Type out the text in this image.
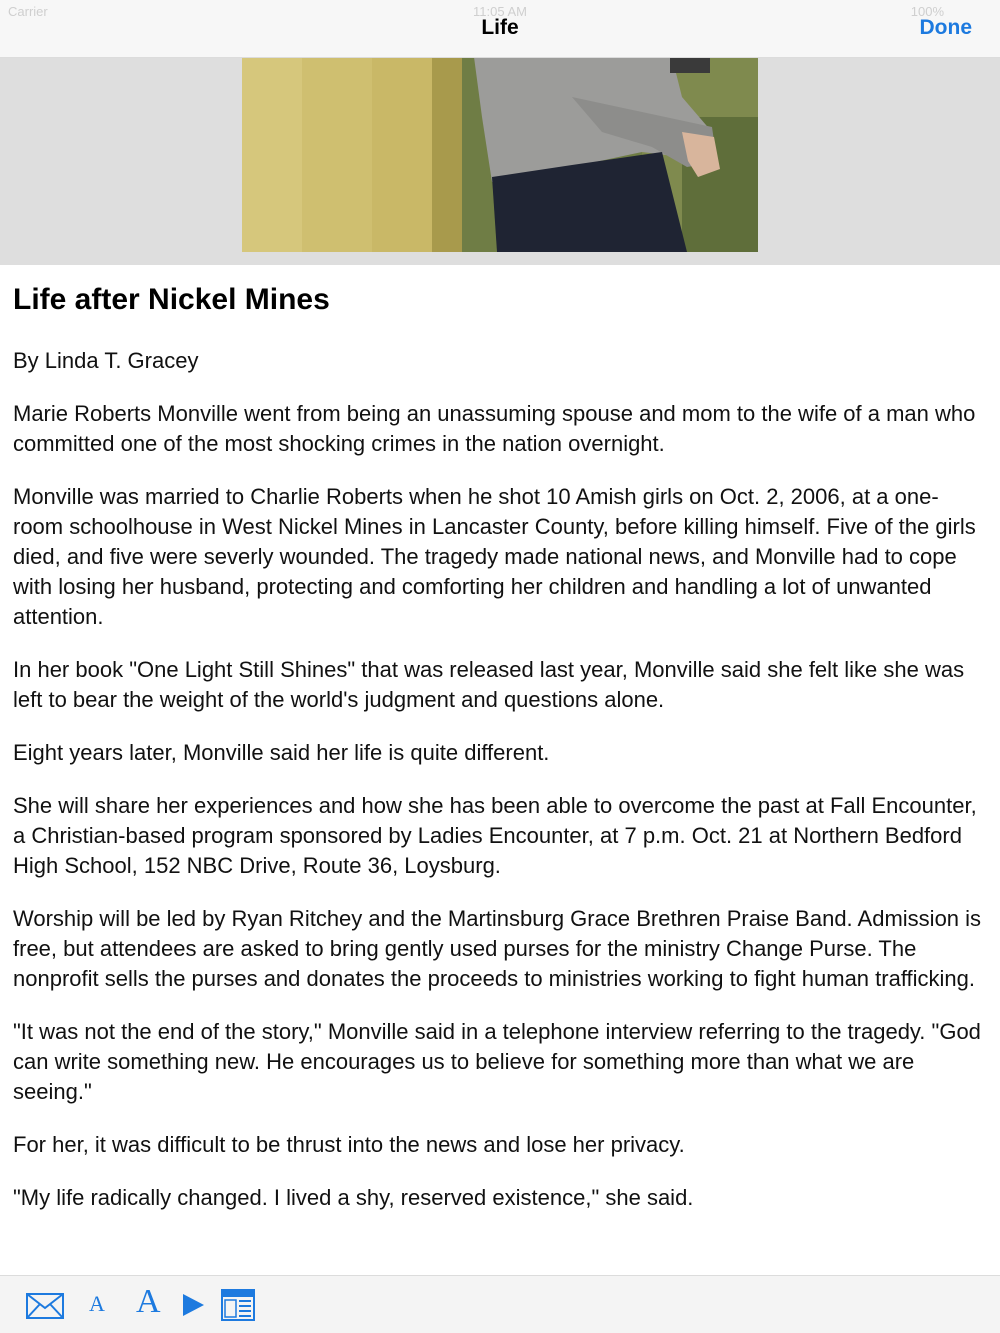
Carrier	11:05 AM	100%
Life	Done
Life after Nickel Mines

By Linda T. Gracey

Marie Roberts Monville went from being an unassuming spouse and mom to the wife of a man who committed one of the most shocking crimes in the nation overnight.

Monville was married to Charlie Roberts when he shot 10 Amish girls on Oct. 2, 2006, at a one-room schoolhouse in West Nickel Mines in Lancaster County, before killing himself. Five of the girls died, and five were severly wounded. The tragedy made national news, and Monville had to cope with losing her husband, protecting and comforting her children and handling a lot of unwanted attention.

In her book "One Light Still Shines" that was released last year, Monville said she felt like she was left to bear the weight of the world's judgment and questions alone.

Eight years later, Monville said her life is quite different.

She will share her experiences and how she has been able to overcome the past at Fall Encounter, a Christian-based program sponsored by Ladies Encounter, at 7 p.m. Oct. 21 at Northern Bedford High School, 152 NBC Drive, Route 36, Loysburg.

Worship will be led by Ryan Ritchey and the Martinsburg Grace Brethren Praise Band. Admission is free, but attendees are asked to bring gently used purses for the ministry Change Purse. The nonprofit sells the purses and donates the proceeds to ministries working to fight human trafficking.

"It was not the end of the story," Monville said in a telephone interview referring to the tragedy. "God can write something new. He encourages us to believe for something more than what we are seeing."

For her, it was difficult to be thrust into the news and lose her privacy.

"My life radically changed. I lived a shy, reserved existence," she said.

A A
